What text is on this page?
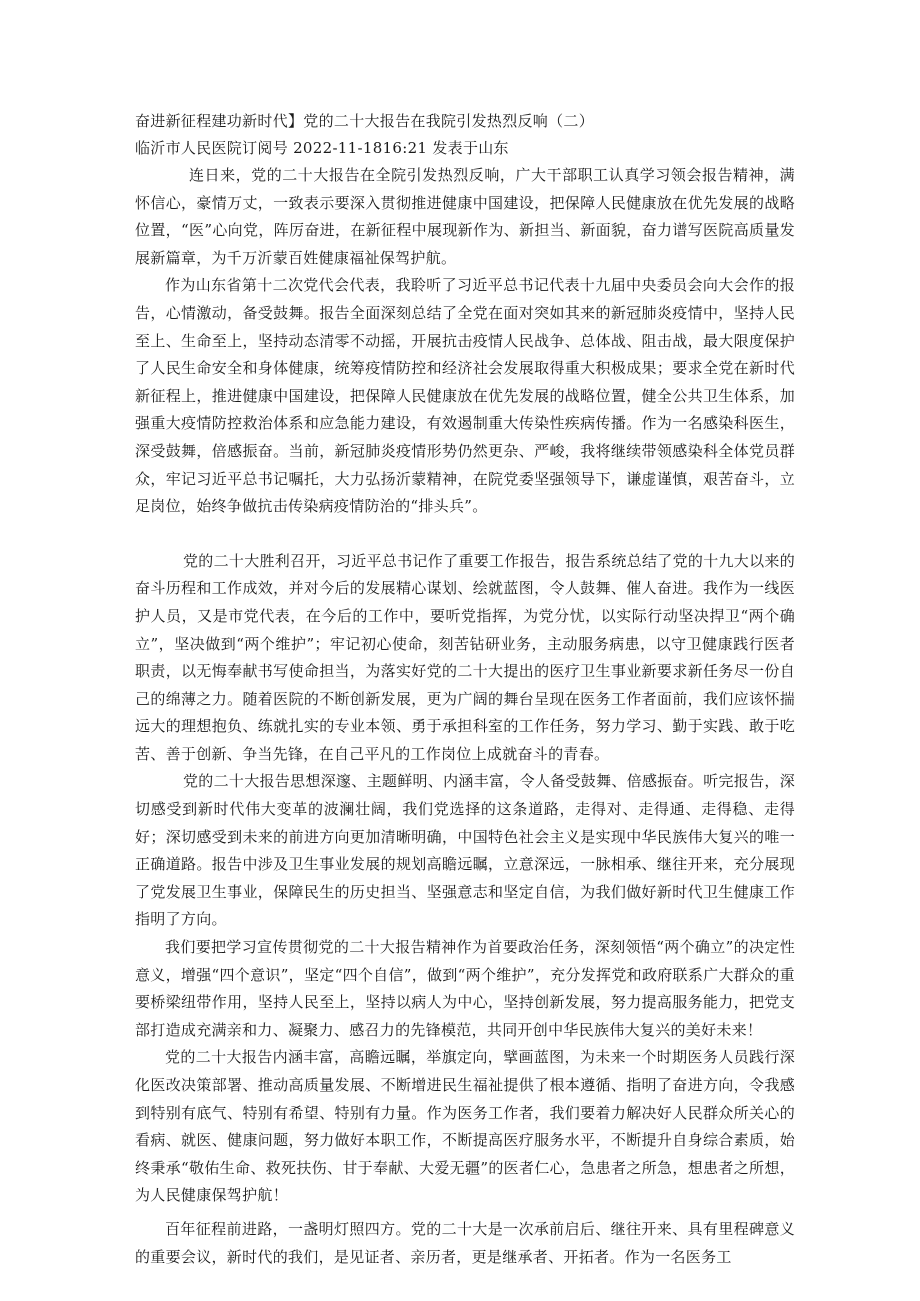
奋进新征程建功新时代】党的二十大报告在我院引发热烈反响（二）

临沂市人民医院订阅号 2022-11-1816:21 发表于山东

连日来，党的二十大报告在全院引发热烈反响，广大干部职工认真学习领会报告精神，满怀信心，豪情万丈，一致表示要深入贯彻推进健康中国建设，把保障人民健康放在优先发展的战略位置，“医”心向党，阵厉奋进，在新征程中展现新作为、新担当、新面貌，奋力谱写医院高质量发展新篇章，为千万沂蒙百姓健康福祉保驾护航。

作为山东省第十二次党代会代表，我聆听了习近平总书记代表十九届中央委员会向大会作的报告，心情激动，备受鼓舞。报告全面深刻总结了全党在面对突如其来的新冠肺炎疫情中，坚持人民至上、生命至上，坚持动态清零不动摇，开展抗击疫情人民战争、总体战、阻击战，最大限度保护了人民生命安全和身体健康，统筹疫情防控和经济社会发展取得重大积极成果；要求全党在新时代新征程上，推进健康中国建设，把保障人民健康放在优先发展的战略位置，健全公共卫生体系，加强重大疫情防控救治体系和应急能力建设，有效遏制重大传染性疾病传播。作为一名感染科医生，深受鼓舞，倍感振奋。当前，新冠肺炎疫情形势仍然更杂、严峻，我将继续带领感染科全体党员群众，牢记习近平总书记嘱托，大力弘扬沂蒙精神，在院党委坚强领导下，谦虚谨慎，艰苦奋斗，立足岗位，始终争做抗击传染病疫情防治的“排头兵”。

党的二十大胜利召开，习近平总书记作了重要工作报告，报告系统总结了党的十九大以来的奋斗历程和工作成效，并对今后的发展精心谋划、绘就蓝图，令人鼓舞、催人奋进。我作为一线医护人员，又是市党代表，在今后的工作中，要听党指挥，为党分忧，以实际行动坚决捍卫“两个确立”，坚决做到“两个维护”；牢记初心使命，刻苦钻研业务，主动服务病患，以守卫健康践行医者职责，以无悔奉献书写使命担当，为落实好党的二十大提出的医疗卫生事业新要求新任务尽一份自己的绵薄之力。随着医院的不断创新发展，更为广阔的舞台呈现在医务工作者面前，我们应该怀揣远大的理想抱负、练就扎实的专业本领、勇于承担科室的工作任务，努力学习、勤于实践、敢于吃苦、善于创新、争当先锋，在自己平凡的工作岗位上成就奋斗的青春。

党的二十大报告思想深邃、主题鲜明、内涵丰富，令人备受鼓舞、倍感振奋。听完报告，深切感受到新时代伟大变革的波澜壮阔，我们党选择的这条道路，走得对、走得通、走得稳、走得好；深切感受到未来的前进方向更加清晰明确，中国特色社会主义是实现中华民族伟大复兴的唯一正确道路。报告中涉及卫生事业发展的规划高瞻远瞩，立意深远，一脉相承、继往开来，充分展现了党发展卫生事业，保障民生的历史担当、坚强意志和坚定自信，为我们做好新时代卫生健康工作指明了方向。

我们要把学习宣传贯彻党的二十大报告精神作为首要政治任务，深刻领悟“两个确立”的决定性意义，增强“四个意识”，坚定“四个自信”，做到“两个维护”，充分发挥党和政府联系广大群众的重要桥梁纽带作用，坚持人民至上，坚持以病人为中心，坚持创新发展，努力提高服务能力，把党支部打造成充满亲和力、凝聚力、感召力的先锋模范，共同开创中华民族伟大复兴的美好未来！

党的二十大报告内涵丰富，高瞻远瞩，举旗定向，擘画蓝图，为未来一个时期医务人员践行深化医改决策部署、推动高质量发展、不断增进民生福祉提供了根本遵循、指明了奋进方向，令我感到特别有底气、特别有希望、特别有力量。作为医务工作者，我们要着力解决好人民群众所关心的看病、就医、健康问题，努力做好本职工作，不断提高医疗服务水平，不断提升自身综合素质，始终秉承“敬佑生命、救死扶伤、甘于奉献、大爱无疆”的医者仁心，急患者之所急，想患者之所想，为人民健康保驾护航！

百年征程前进路，一盏明灯照四方。党的二十大是一次承前启后、继往开来、具有里程碑意义的重要会议，新时代的我们，是见证者、亲历者，更是继承者、开拓者。作为一名医务工
